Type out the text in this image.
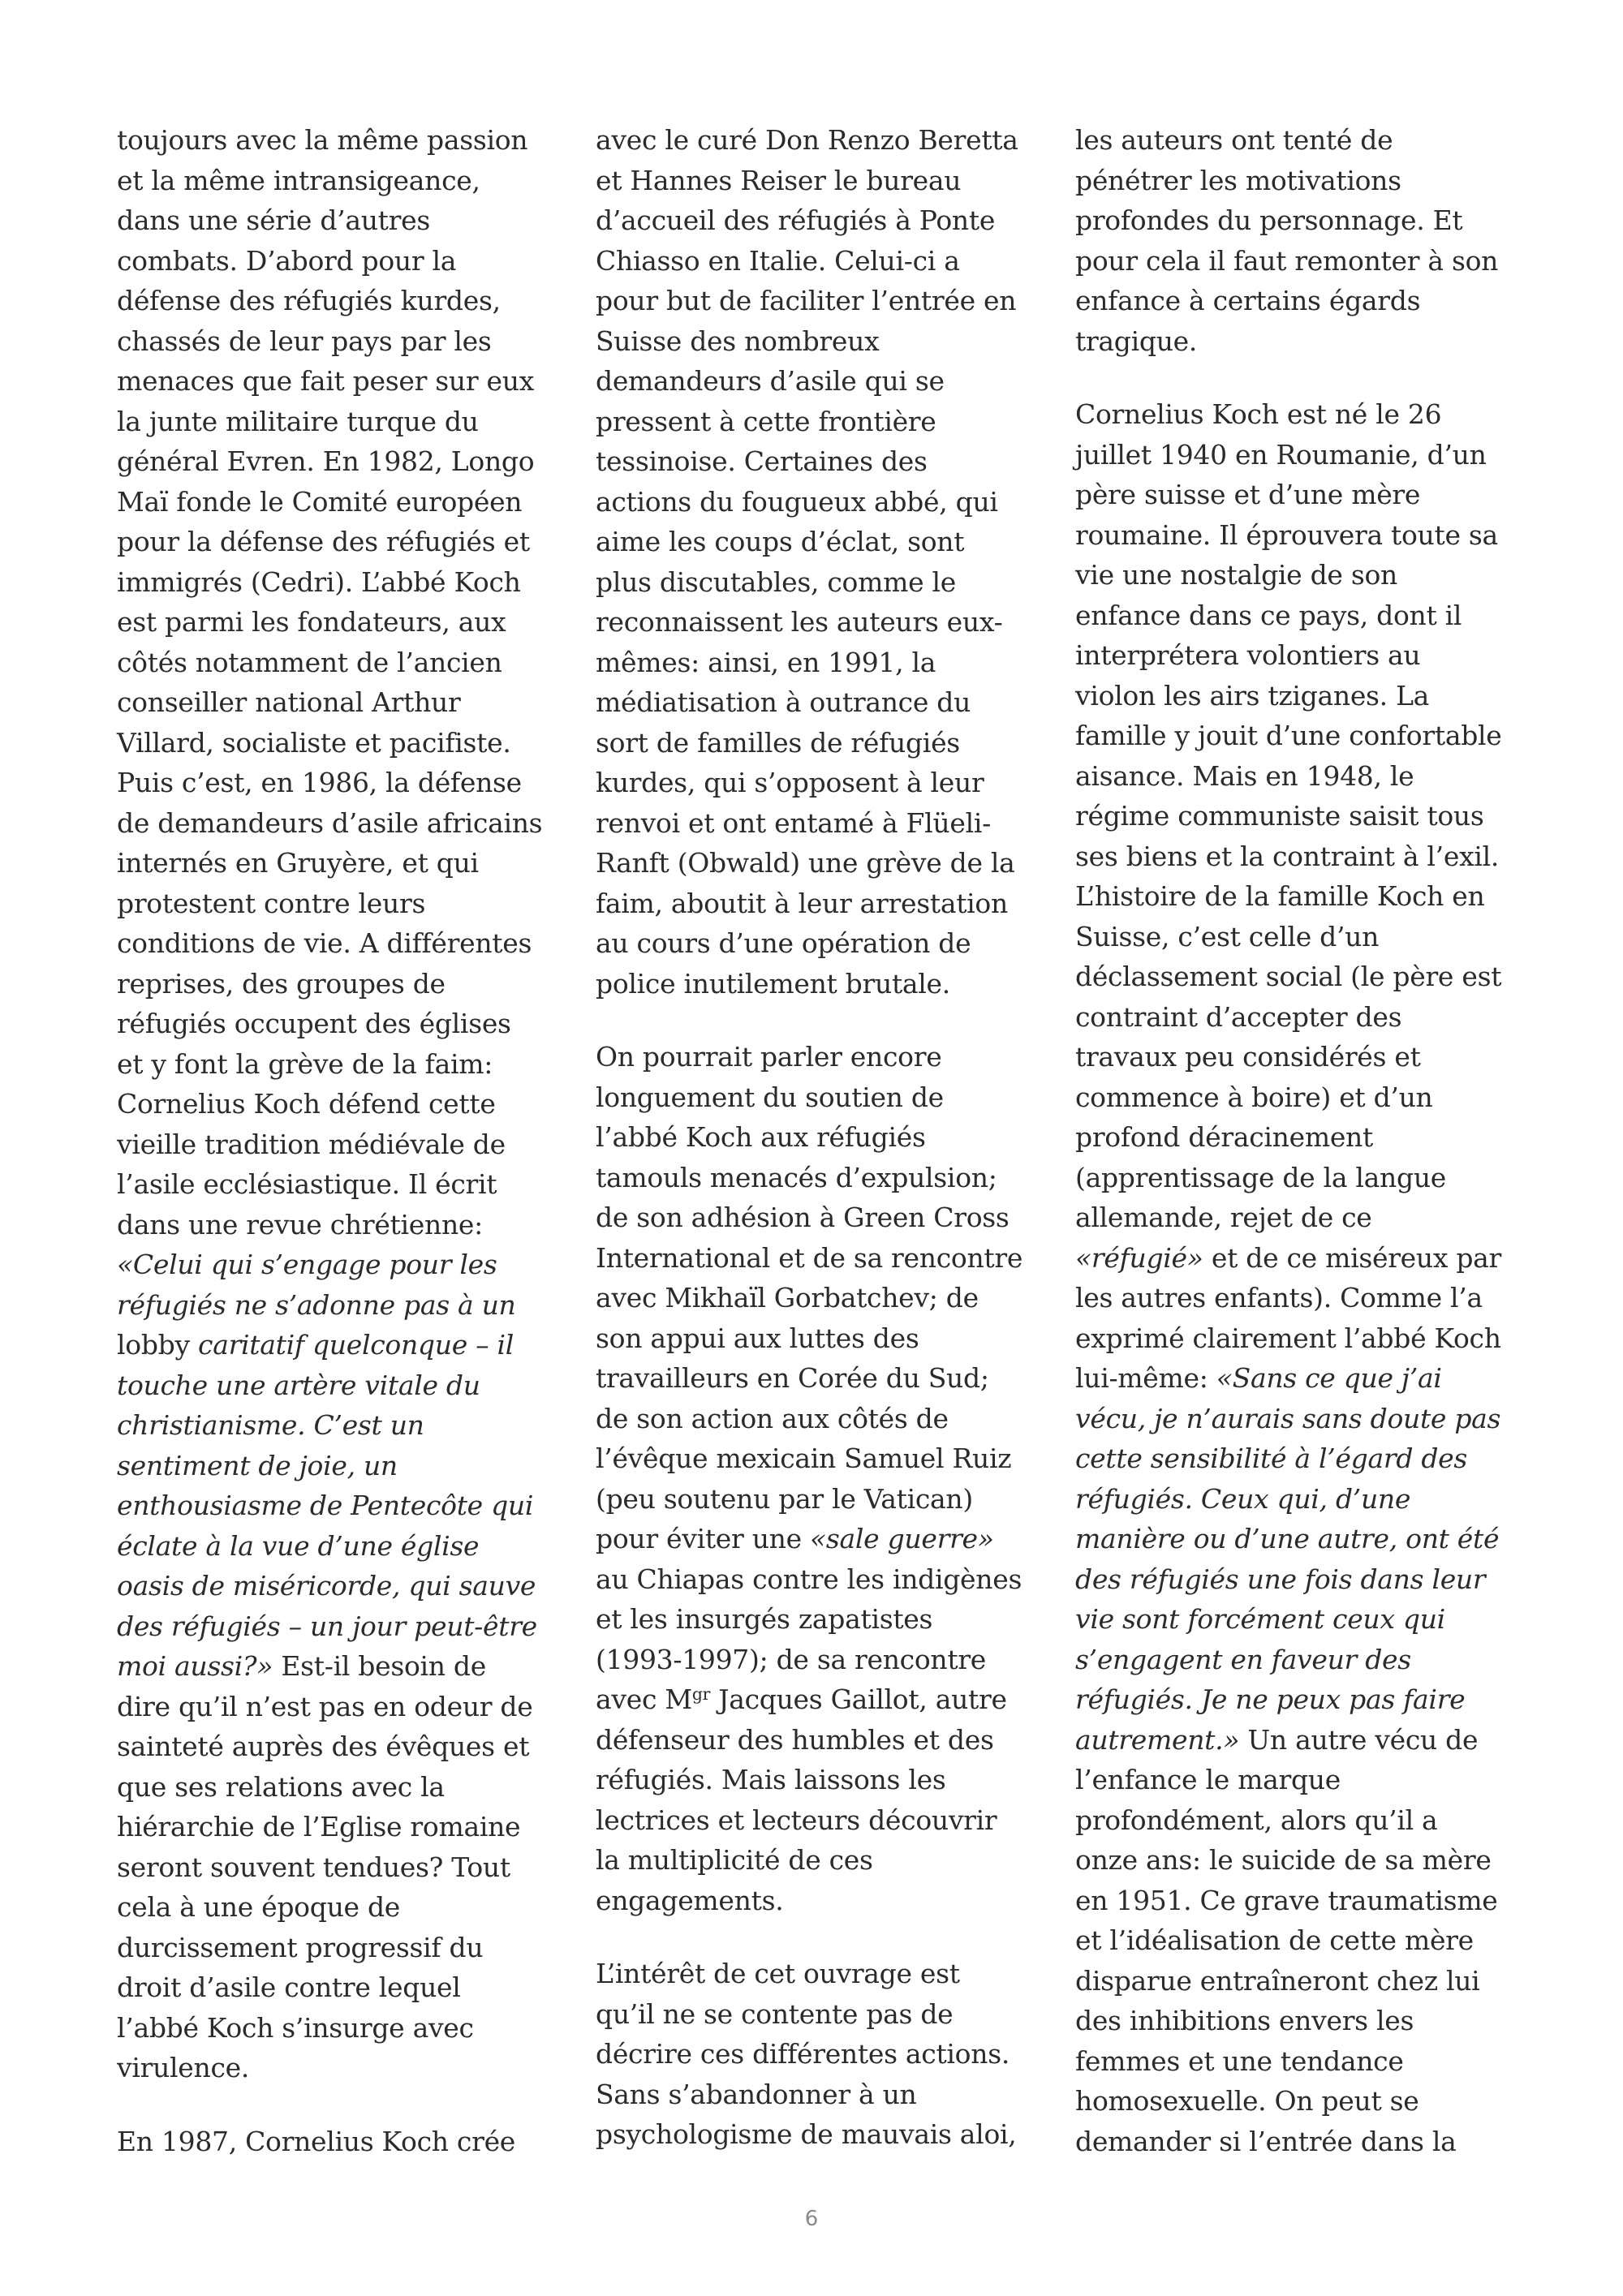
toujours avec la même passion
et la même intransigeance,
dans une série d’autres
combats. D’abord pour la
défense des réfugiés kurdes,
chassés de leur pays par les
menaces que fait peser sur eux
la junte militaire turque du
général Evren. En 1982, Longo
Maï fonde le Comité européen
pour la défense des réfugiés et
immigrés (Cedri). L’abbé Koch
est parmi les fondateurs, aux
côtés notamment de l’ancien
conseiller national Arthur
Villard, socialiste et pacifiste.
Puis c’est, en 1986, la défense
de demandeurs d’asile africains
internés en Gruyère, et qui
protestent contre leurs
conditions de vie. A différentes
reprises, des groupes de
réfugiés occupent des églises
et y font la grève de la faim:
Cornelius Koch défend cette
vieille tradition médiévale de
l’asile ecclésiastique. Il écrit
dans une revue chrétienne:
«Celui qui s’engage pour les
réfugiés ne s’adonne pas à un
lobby caritatif quelconque – il
touche une artère vitale du
christianisme. C’est un
sentiment de joie, un
enthousiasme de Pentecôte qui
éclate à la vue d’une église
oasis de miséricorde, qui sauve
des réfugiés – un jour peut-être
moi aussi?» Est-il besoin de
dire qu’il n’est pas en odeur de
sainteté auprès des évêques et
que ses relations avec la
hiérarchie de l’Eglise romaine
seront souvent tendues? Tout
cela à une époque de
durcissement progressif du
droit d’asile contre lequel
l’abbé Koch s’insurge avec
virulence.

En 1987, Cornelius Koch crée

avec le curé Don Renzo Beretta
et Hannes Reiser le bureau
d’accueil des réfugiés à Ponte
Chiasso en Italie. Celui-ci a
pour but de faciliter l’entrée en
Suisse des nombreux
demandeurs d’asile qui se
pressent à cette frontière
tessinoise. Certaines des
actions du fougueux abbé, qui
aime les coups d’éclat, sont
plus discutables, comme le
reconnaissent les auteurs eux-
mêmes: ainsi, en 1991, la
médiatisation à outrance du
sort de familles de réfugiés
kurdes, qui s’opposent à leur
renvoi et ont entamé à Flüeli-
Ranft (Obwald) une grève de la
faim, aboutit à leur arrestation
au cours d’une opération de
police inutilement brutale.

On pourrait parler encore
longuement du soutien de
l’abbé Koch aux réfugiés
tamouls menacés d’expulsion;
de son adhésion à Green Cross
International et de sa rencontre
avec Mikhaïl Gorbatchev; de
son appui aux luttes des
travailleurs en Corée du Sud;
de son action aux côtés de
l’évêque mexicain Samuel Ruiz
(peu soutenu par le Vatican)
pour éviter une «sale guerre»
au Chiapas contre les indigènes
et les insurgés zapatistes
(1993-1997); de sa rencontre
avec $M^{gr}$ Jacques Gaillot, autre
défenseur des humbles et des
réfugiés. Mais laissons les
lectrices et lecteurs découvrir
la multiplicité de ces
engagements.

L’intérêt de cet ouvrage est
qu’il ne se contente pas de
décrire ces différentes actions.
Sans s’abandonner à un
psychologisme de mauvais aloi,

les auteurs ont tenté de
pénétrer les motivations
profondes du personnage. Et
pour cela il faut remonter à son
enfance à certains égards
tragique.

Cornelius Koch est né le 26
juillet 1940 en Roumanie, d’un
père suisse et d’une mère
roumaine. Il éprouvera toute sa
vie une nostalgie de son
enfance dans ce pays, dont il
interprétera volontiers au
violon les airs tziganes. La
famille y jouit d’une confortable
aisance. Mais en 1948, le
régime communiste saisit tous
ses biens et la contraint à l’exil.
L’histoire de la famille Koch en
Suisse, c’est celle d’un
déclassement social (le père est
contraint d’accepter des
travaux peu considérés et
commence à boire) et d’un
profond déracinement
(apprentissage de la langue
allemande, rejet de ce
«réfugié» et de ce miséreux par
les autres enfants). Comme l’a
exprimé clairement l’abbé Koch
lui-même: «Sans ce que j’ai
vécu, je n’aurais sans doute pas
cette sensibilité à l’égard des
réfugiés. Ceux qui, d’une
manière ou d’une autre, ont été
des réfugiés une fois dans leur
vie sont forcément ceux qui
s’engagent en faveur des
réfugiés. Je ne peux pas faire
autrement.» Un autre vécu de
l’enfance le marque
profondément, alors qu’il a
onze ans: le suicide de sa mère
en 1951. Ce grave traumatisme
et l’idéalisation de cette mère
disparue entraîneront chez lui
des inhibitions envers les
femmes et une tendance
homosexuelle. On peut se
demander si l’entrée dans la

6
